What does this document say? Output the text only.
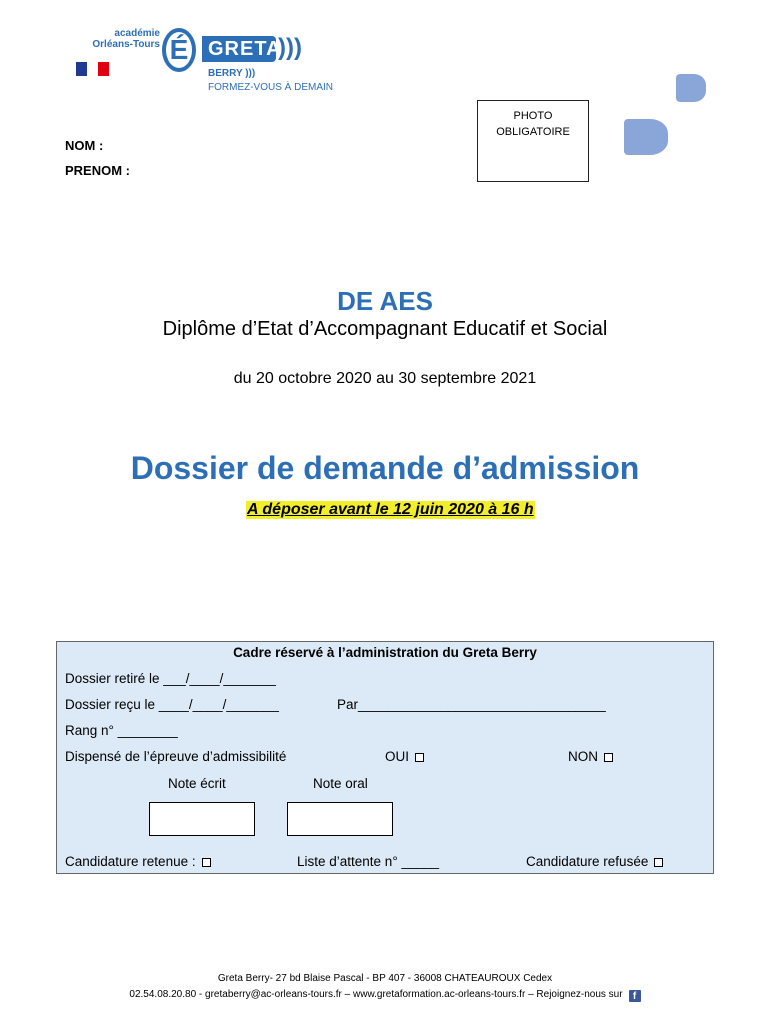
académie
Orléans-Tours É GRETA
)))
BERRY )))
FORMEZ-VOUS À DEMAIN
PHOTO
OBLIGATOIRE
NOM :
PRENOM :
DE AES
Diplôme d’Etat d’Accompagnant Educatif et Social
du 20 octobre 2020 au 30 septembre 2021
Dossier de demande d’admission
A déposer avant le 12 juin 2020 à 16 h
Cadre réservé à l’administration du Greta Berry
Dossier retiré le ___/____/_______
Dossier reçu le ____/____/_______	Par_________________________________
Rang n° ________
Dispensé de l’épreuve d’admissibilité	OUI	NON
Note écrit	Note oral
Candidature retenue :	Liste d’attente n° _____	Candidature refusée
Greta Berry- 27 bd Blaise Pascal - BP 407 - 36008 CHATEAUROUX Cedex
02.54.08.20.80 - gretaberry@ac-orleans-tours.fr – www.gretaformation.ac-orleans-tours.fr – Rejoignez-nous sur f
